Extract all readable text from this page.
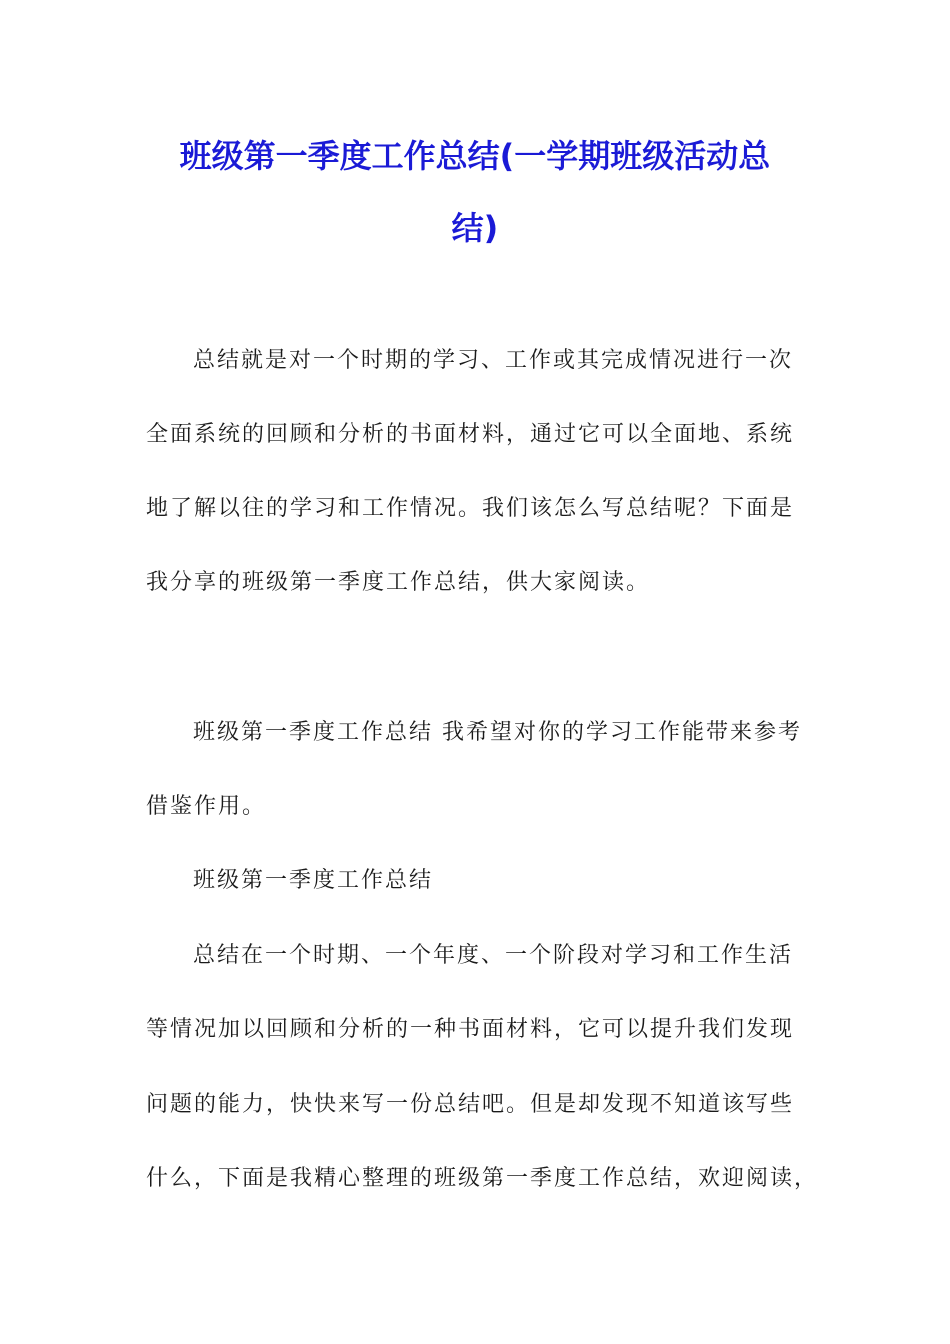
班级第一季度工作总结(一学期班级活动总
结)
总结就是对一个时期的学习、工作或其完成情况进行一次
全面系统的回顾和分析的书面材料，通过它可以全面地、系统
地了解以往的学习和工作情况。我们该怎么写总结呢？下面是
我分享的班级第一季度工作总结，供大家阅读。
班级第一季度工作总结 我希望对你的学习工作能带来参考
借鉴作用。
班级第一季度工作总结
总结在一个时期、一个年度、一个阶段对学习和工作生活
等情况加以回顾和分析的一种书面材料，它可以提升我们发现
问题的能力，快快来写一份总结吧。但是却发现不知道该写些
什么，下面是我精心整理的班级第一季度工作总结，欢迎阅读，
